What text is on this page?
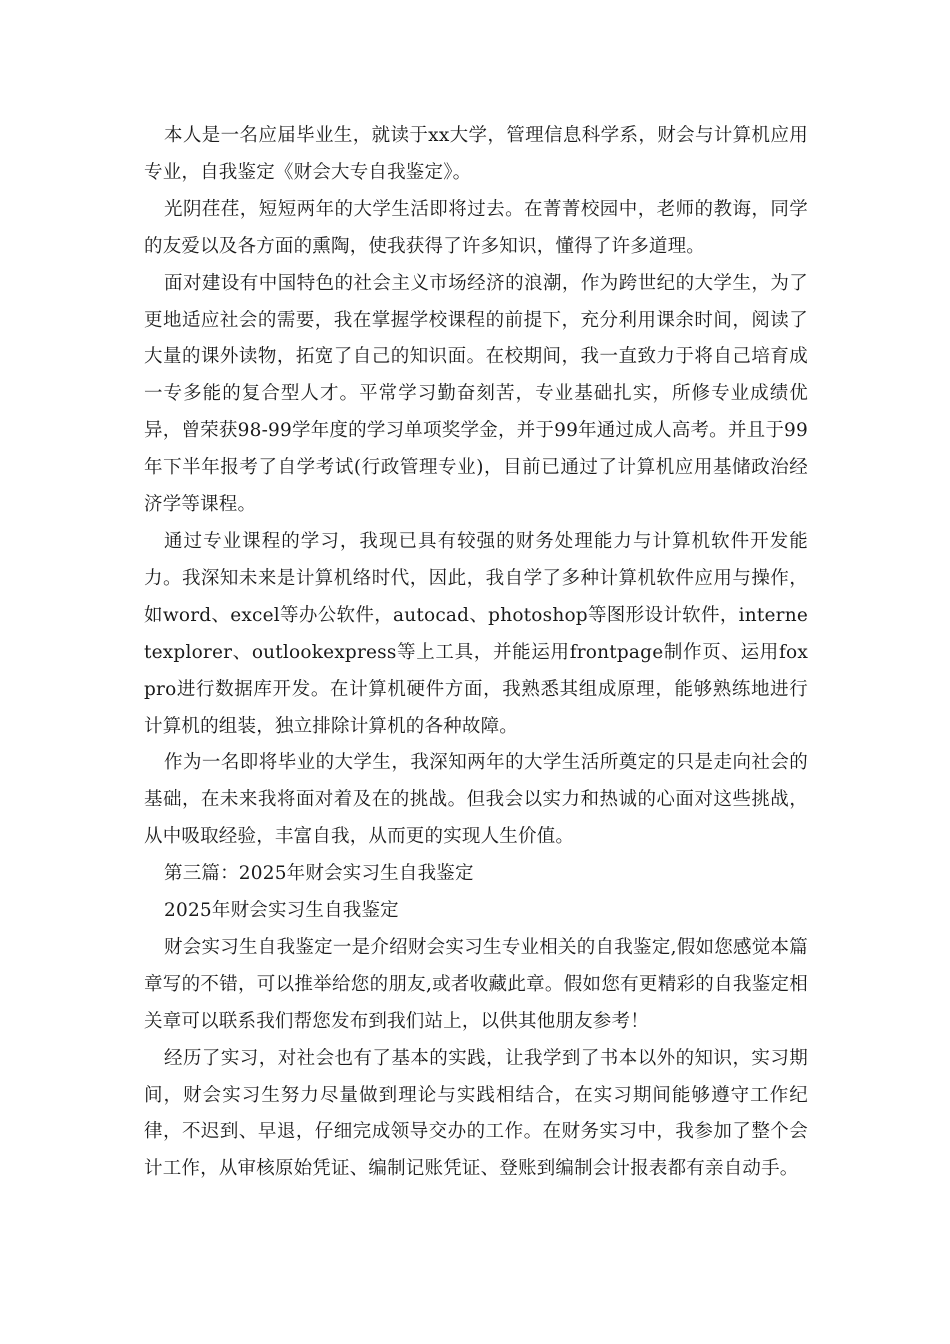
本人是一名应届毕业生，就读于xx大学，管理信息科学系，财会与计算机应用专业，自我鉴定《财会大专自我鉴定》。

光阴荏荏，短短两年的大学生活即将过去。在菁菁校园中，老师的教诲，同学的友爱以及各方面的熏陶，使我获得了许多知识，懂得了许多道理。

面对建设有中国特色的社会主义市场经济的浪潮，作为跨世纪的大学生，为了更地适应社会的需要，我在掌握学校课程的前提下，充分利用课余时间，阅读了大量的课外读物，拓宽了自己的知识面。在校期间，我一直致力于将自己培育成一专多能的复合型人才。平常学习勤奋刻苦，专业基础扎实，所修专业成绩优异，曾荣获98-99学年度的学习单项奖学金，并于99年通过成人高考。并且于99年下半年报考了自学考试(行政管理专业)，目前已通过了计算机应用基储政治经济学等课程。

通过专业课程的学习，我现已具有较强的财务处理能力与计算机软件开发能力。我深知未来是计算机络时代，因此，我自学了多种计算机软件应用与操作，如word、excel等办公软件，autocad、photoshop等图形设计软件，internetexplorer、outlookexpress等上工具，并能运用frontpage制作页、运用foxpro进行数据库开发。在计算机硬件方面，我熟悉其组成原理，能够熟练地进行计算机的组装，独立排除计算机的各种故障。

作为一名即将毕业的大学生，我深知两年的大学生活所奠定的只是走向社会的基础，在未来我将面对着及在的挑战。但我会以实力和热诚的心面对这些挑战，从中吸取经验，丰富自我，从而更的实现人生价值。

第三篇：2025年财会实习生自我鉴定

2025年财会实习生自我鉴定

财会实习生自我鉴定一是介绍财会实习生专业相关的自我鉴定,假如您感觉本篇章写的不错，可以推举给您的朋友,或者收藏此章。假如您有更精彩的自我鉴定相关章可以联系我们帮您发布到我们站上，以供其他朋友参考！

经历了实习，对社会也有了基本的实践，让我学到了书本以外的知识，实习期间，财会实习生努力尽量做到理论与实践相结合，在实习期间能够遵守工作纪律，不迟到、早退，仔细完成领导交办的工作。在财务实习中，我参加了整个会计工作，从审核原始凭证、编制记账凭证、登账到编制会计报表都有亲自动手。
